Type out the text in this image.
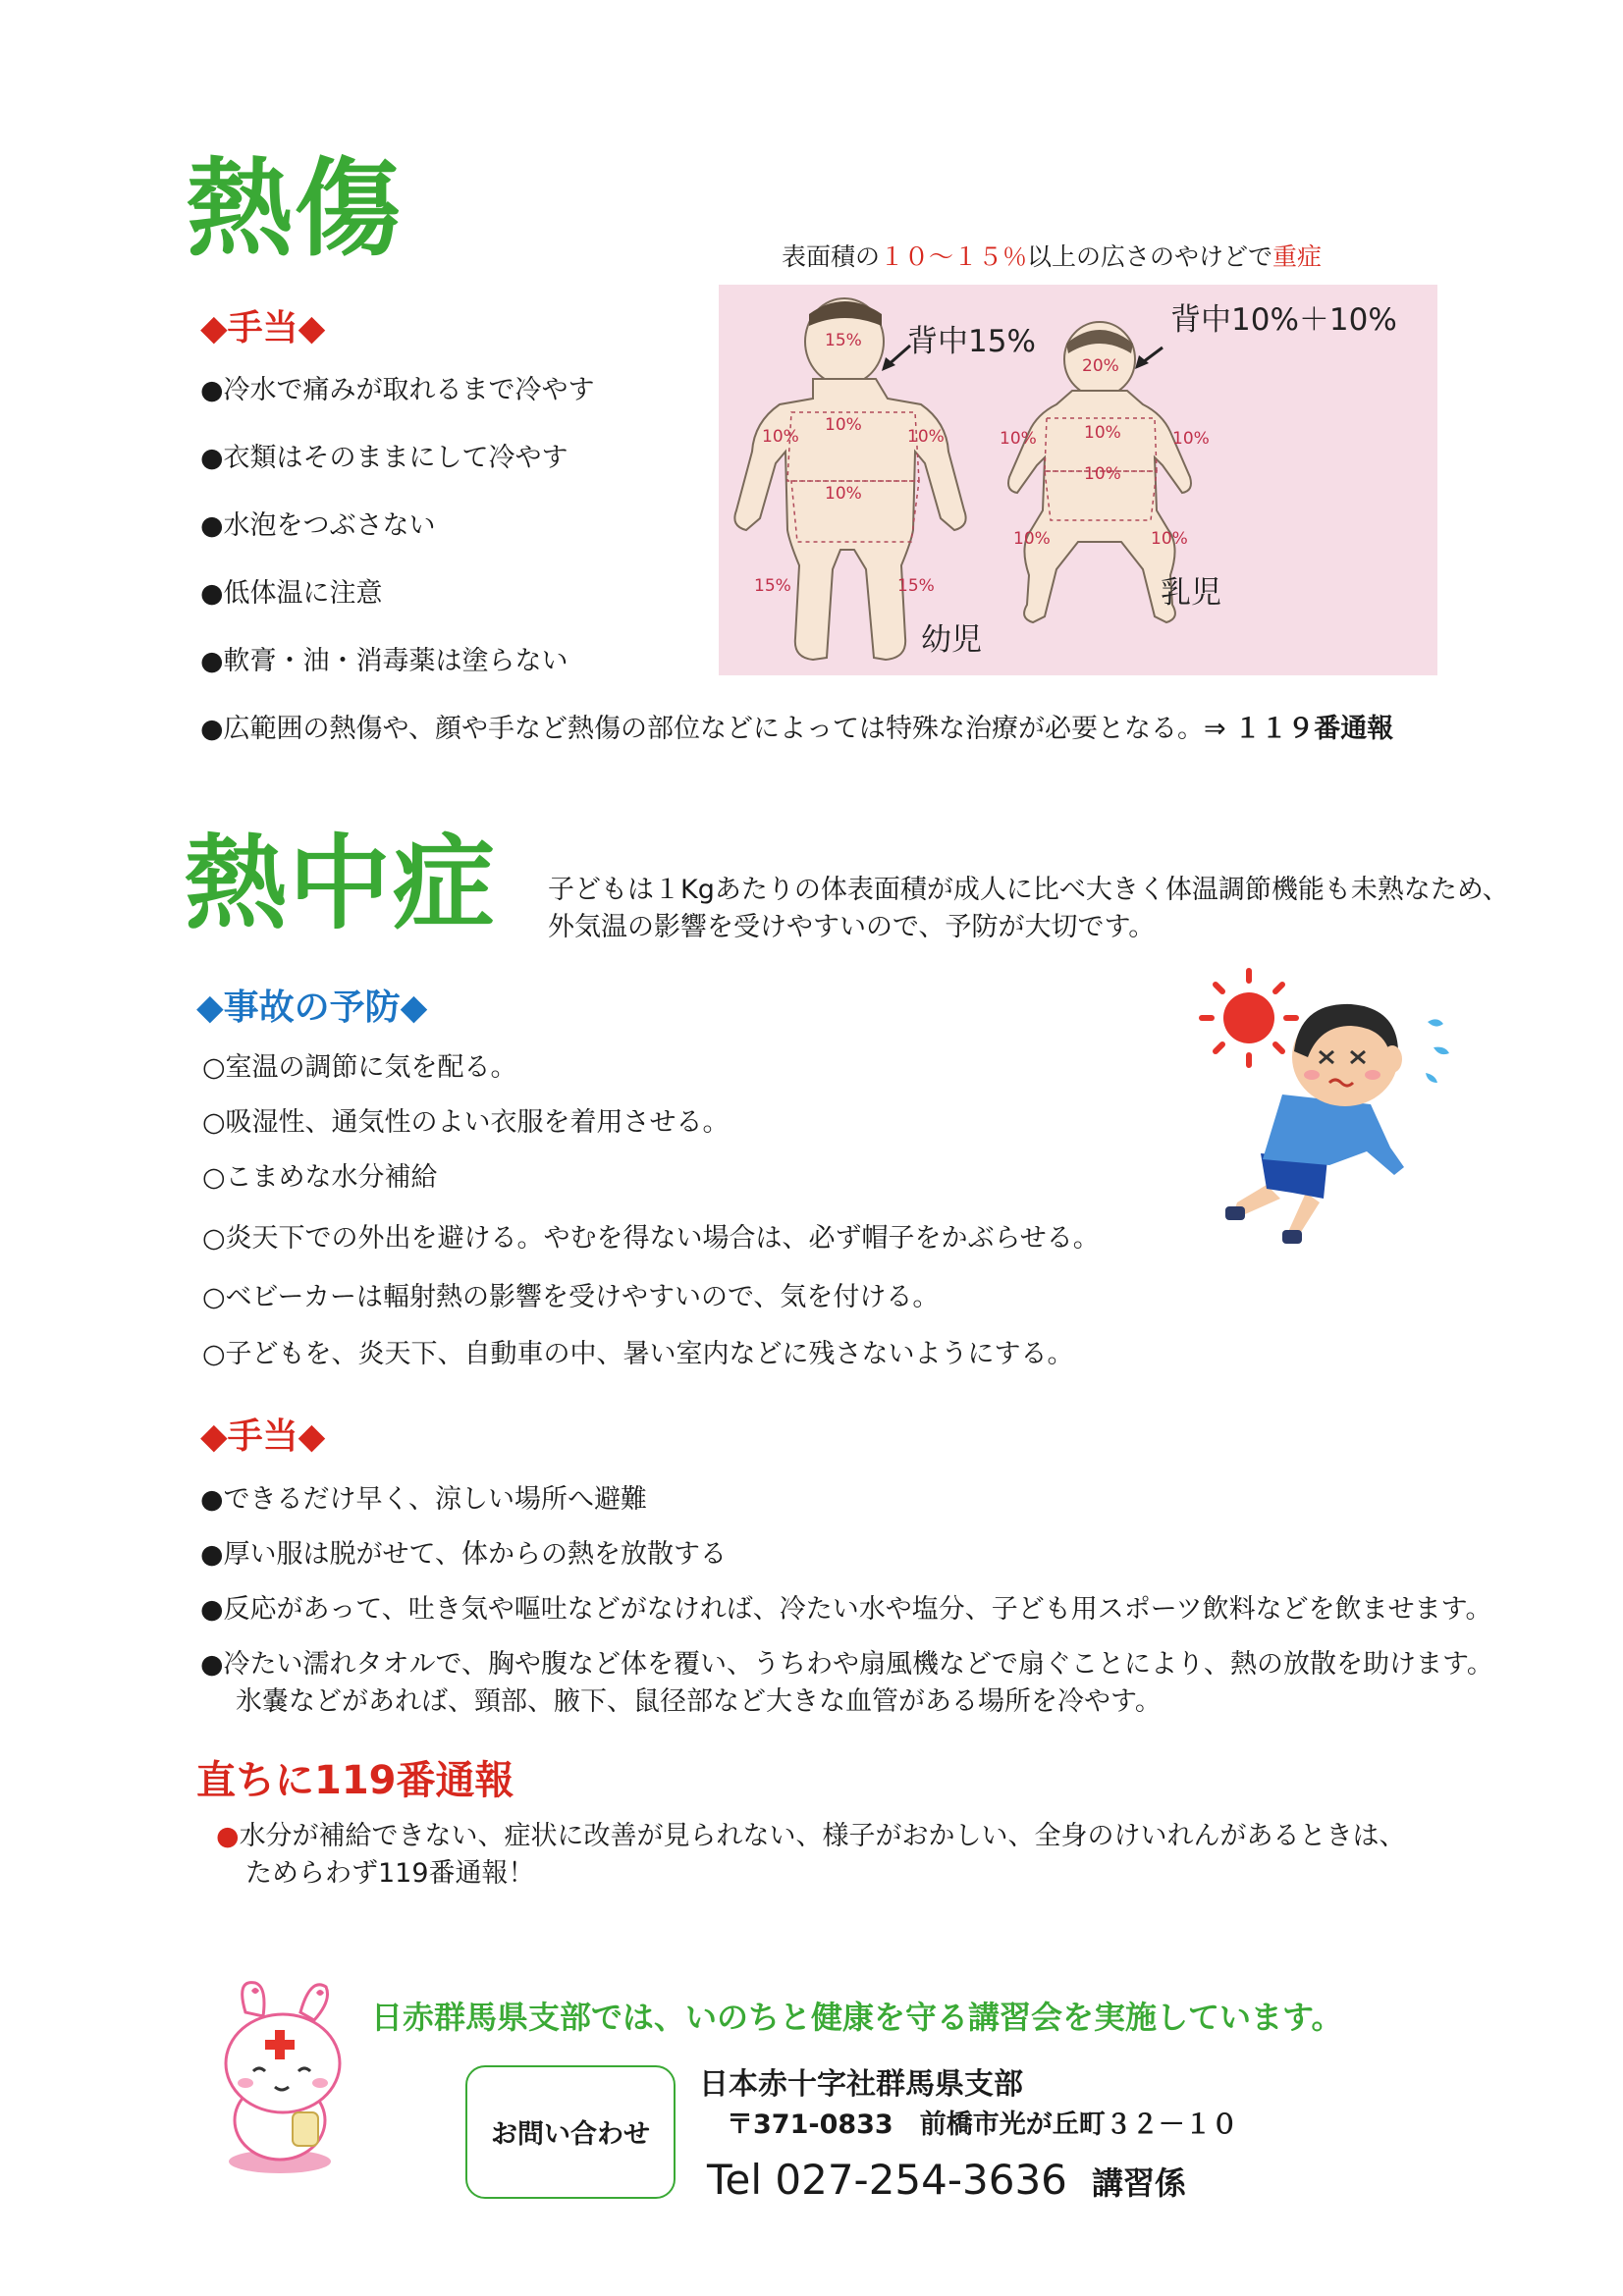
熱傷	表面積の１０～１５％以上の広さのやけどで重症
◆手当◆
●冷水で痛みが取れるまで冷やす
●衣類はそのままにして冷やす
●水泡をつぶさない
●低体温に注意
●軟膏・油・消毒薬は塗らない
15%
10%
10%
10%	10%
15%	15%
20%
10%
10%
10%	10%
10%	10%
背中15%
背中10%＋10%
幼児
乳児
●広範囲の熱傷や、顔や手など熱傷の部位などによっては特殊な治療が必要となる。⇒ １１９番通報
熱中症 子どもは１Kgあたりの体表面積が成人に比べ大きく体温調節機能も未熟なため、
外気温の影響を受けやすいので、予防が大切です。
◆事故の予防◆
○室温の調節に気を配る。
○吸湿性、通気性のよい衣服を着用させる。
○こまめな水分補給
○炎天下での外出を避ける。やむを得ない場合は、必ず帽子をかぶらせる。
○ベビーカーは輻射熱の影響を受けやすいので、気を付ける。
○子どもを、炎天下、自動車の中、暑い室内などに残さないようにする。
◆手当◆
●できるだけ早く、涼しい場所へ避難
●厚い服は脱がせて、体からの熱を放散する
●反応があって、吐き気や嘔吐などがなければ、冷たい水や塩分、子ども用スポーツ飲料などを飲ませます。
●冷たい濡れタオルで、胸や腹など体を覆い、うちわや扇風機などで扇ぐことにより、熱の放散を助けます。
氷嚢などがあれば、頸部、腋下、鼠径部など大きな血管がある場所を冷やす。
直ちに119番通報
●水分が補給できない、症状に改善が見られない、様子がおかしい、全身のけいれんがあるときは、
ためらわず119番通報！
日赤群馬県支部では、いのちと健康を守る講習会を実施しています。
お問い合わせ
日本赤十字社群馬県支部
〒371-0833　前橋市光が丘町３２－１０
Tel 027-254-3636 講習係
